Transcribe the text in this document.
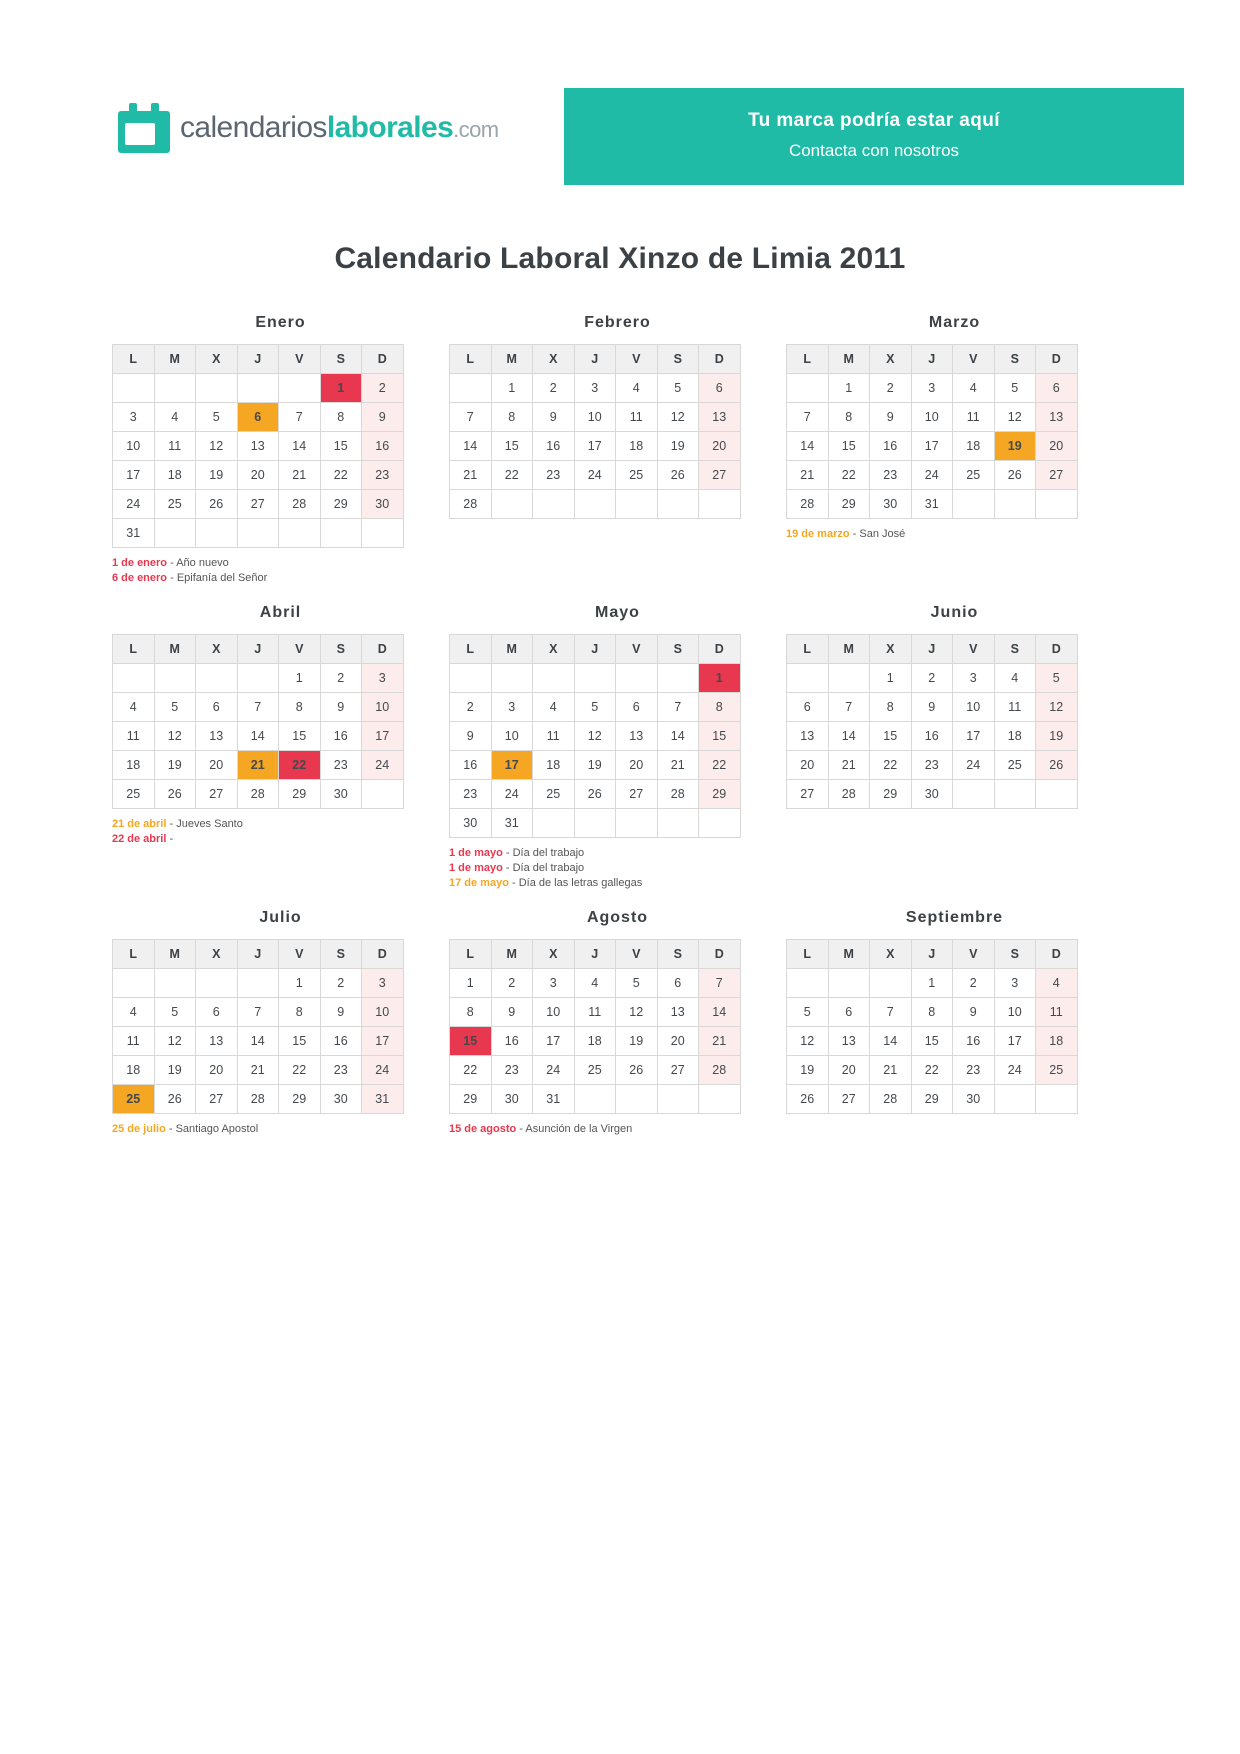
calendarioslaborales.com	Tu marca podría estar aquí
Contacta con nosotros
Calendario Laboral Xinzo de Limia 2011
Enero
L	M	X	J	V	S	D
					1	2
3	4	5	6	7	8	9
10	11	12	13	14	15	16
17	18	19	20	21	22	23
24	25	26	27	28	29	30
31						
1 de enero - Año nuevo
6 de enero - Epifanía del Señor
Febrero
L	M	X	J	V	S	D
	1	2	3	4	5	6
7	8	9	10	11	12	13
14	15	16	17	18	19	20
21	22	23	24	25	26	27
28						
Marzo
L	M	X	J	V	S	D
	1	2	3	4	5	6
7	8	9	10	11	12	13
14	15	16	17	18	19	20
21	22	23	24	25	26	27
28	29	30	31			
19 de marzo - San José
Abril
L	M	X	J	V	S	D
				1	2	3
4	5	6	7	8	9	10
11	12	13	14	15	16	17
18	19	20	21	22	23	24
25	26	27	28	29	30	
21 de abril - Jueves Santo
22 de abril -
Mayo
L	M	X	J	V	S	D
						1
2	3	4	5	6	7	8
9	10	11	12	13	14	15
16	17	18	19	20	21	22
23	24	25	26	27	28	29
30	31					
1 de mayo - Día del trabajo
1 de mayo - Día del trabajo
17 de mayo - Día de las letras gallegas
Junio
L	M	X	J	V	S	D
		1	2	3	4	5
6	7	8	9	10	11	12
13	14	15	16	17	18	19
20	21	22	23	24	25	26
27	28	29	30			
Julio
L	M	X	J	V	S	D
				1	2	3
4	5	6	7	8	9	10
11	12	13	14	15	16	17
18	19	20	21	22	23	24
25	26	27	28	29	30	31
25 de julio - Santiago Apostol
Agosto
L	M	X	J	V	S	D
1	2	3	4	5	6	7
8	9	10	11	12	13	14
15	16	17	18	19	20	21
22	23	24	25	26	27	28
29	30	31				
15 de agosto - Asunción de la Virgen
Septiembre
L	M	X	J	V	S	D
			1	2	3	4
5	6	7	8	9	10	11
12	13	14	15	16	17	18
19	20	21	22	23	24	25
26	27	28	29	30		
